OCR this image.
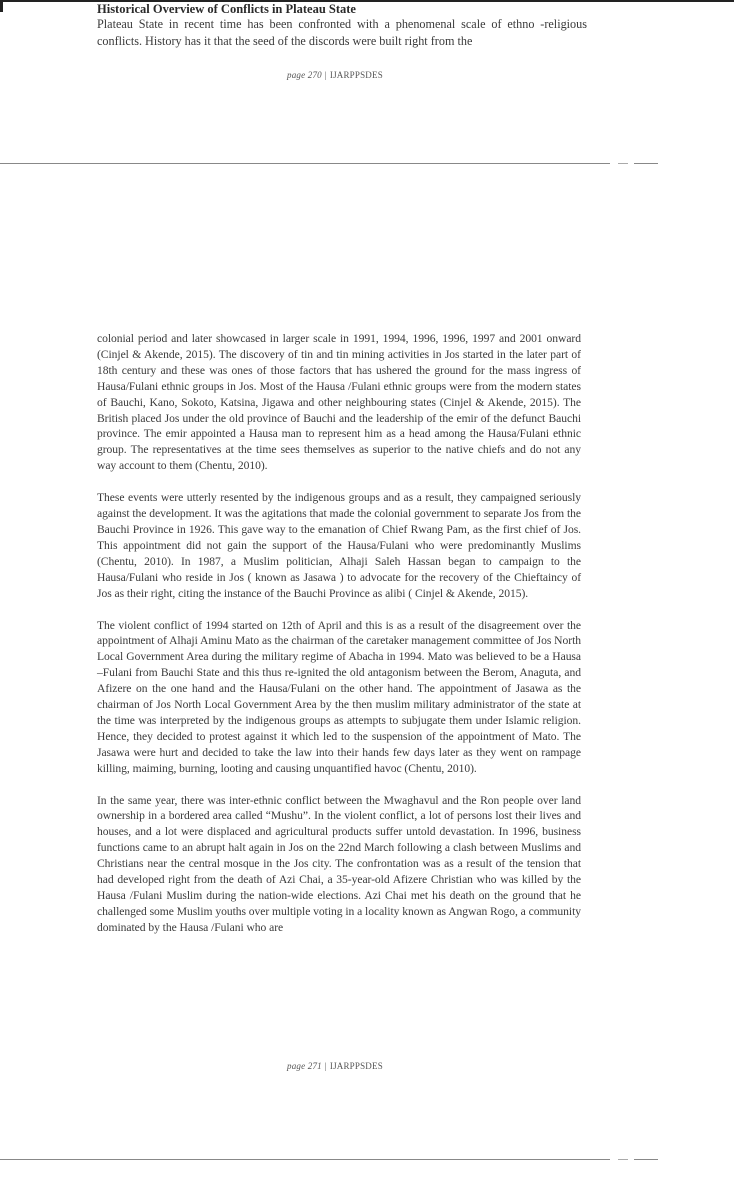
Historical Overview of Conflicts in Plateau State

Plateau State in recent time has been confronted with a phenomenal scale of ethno -religious conflicts. History has it that the seed of the discords were built right from the

page 270 | IJARPPSDES

colonial period and later showcased in larger scale in 1991, 1994, 1996, 1996, 1997 and 2001 onward (Cinjel & Akende, 2015). The discovery of tin and tin mining activities in Jos started in the later part of 18th century and these was ones of those factors that has ushered the ground for the mass ingress of Hausa/Fulani ethnic groups in Jos. Most of the Hausa /Fulani ethnic groups were from the modern states of Bauchi, Kano, Sokoto, Katsina, Jigawa and other neighbouring states (Cinjel & Akende, 2015). The British placed Jos under the old province of Bauchi and the leadership of the emir of the defunct Bauchi province. The emir appointed a Hausa man to represent him as a head among the Hausa/Fulani ethnic group. The representatives at the time sees themselves as superior to the native chiefs and do not any way account to them (Chentu, 2010).

These events were utterly resented by the indigenous groups and as a result, they campaigned seriously against the development. It was the agitations that made the colonial government to separate Jos from the Bauchi Province in 1926. This gave way to the emanation of Chief Rwang Pam, as the first chief of Jos. This appointment did not gain the support of the Hausa/Fulani who were predominantly Muslims (Chentu, 2010). In 1987, a Muslim politician, Alhaji Saleh Hassan began to campaign to the Hausa/Fulani who reside in Jos ( known as Jasawa ) to advocate for the recovery of the Chieftaincy of Jos as their right, citing the instance of the Bauchi Province as alibi ( Cinjel & Akende, 2015).

The violent conflict of 1994 started on 12th of April and this is as a result of the disagreement over the appointment of Alhaji Aminu Mato as the chairman of the caretaker management committee of Jos North Local Government Area during the military regime of Abacha in 1994. Mato was believed to be a Hausa –Fulani from Bauchi State and this thus re-ignited the old antagonism between the Berom, Anaguta, and Afizere on the one hand and the Hausa/Fulani on the other hand. The appointment of Jasawa as the chairman of Jos North Local Government Area by the then muslim military administrator of the state at the time was interpreted by the indigenous groups as attempts to subjugate them under Islamic religion. Hence, they decided to protest against it which led to the suspension of the appointment of Mato. The Jasawa were hurt and decided to take the law into their hands few days later as they went on rampage killing, maiming, burning, looting and causing unquantified havoc (Chentu, 2010).

In the same year, there was inter-ethnic conflict between the Mwaghavul and the Ron people over land ownership in a bordered area called “Mushu”. In the violent conflict, a lot of persons lost their lives and houses, and a lot were displaced and agricultural products suffer untold devastation. In 1996, business functions came to an abrupt halt again in Jos on the 22nd March following a clash between Muslims and Christians near the central mosque in the Jos city. The confrontation was as a result of the tension that had developed right from the death of Azi Chai, a 35-year-old Afizere Christian who was killed by the Hausa /Fulani Muslim during the nation-wide elections. Azi Chai met his death on the ground that he challenged some Muslim youths over multiple voting in a locality known as Angwan Rogo, a community dominated by the Hausa /Fulani who are

page 271 | IJARPPSDES
